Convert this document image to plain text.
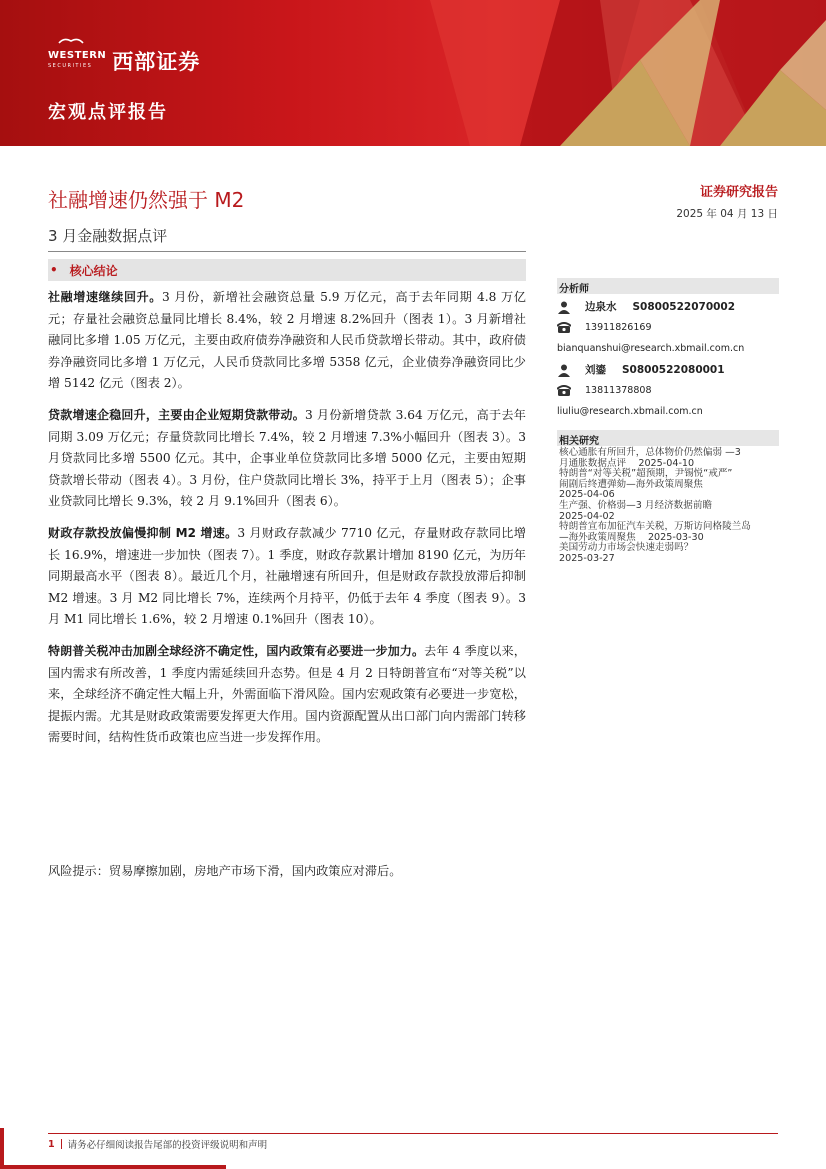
WESTERN
SECURITIES 西部证券
宏观点评报告
社融增速仍然强于 M2
3 月金融数据点评
证券研究报告
2025 年 04 月 13 日
• 核心结论

社融增速继续回升。3 月份，新增社会融资总量 5.9 万亿元，高于去年同期 4.8 万亿元；存量社会融资总量同比增长 8.4%，较 2 月增速 8.2%回升（图表 1）。3 月新增社融同比多增 1.05 万亿元，主要由政府债券净融资和人民币贷款增长带动。其中，政府债券净融资同比多增 1 万亿元，人民币贷款同比多增 5358 亿元，企业债券净融资同比少增 5142 亿元（图表 2）。

贷款增速企稳回升，主要由企业短期贷款带动。3 月份新增贷款 3.64 万亿元，高于去年同期 3.09 万亿元；存量贷款同比增长 7.4%，较 2 月增速 7.3%小幅回升（图表 3）。3 月贷款同比多增 5500 亿元。其中，企事业单位贷款同比多增 5000 亿元，主要由短期贷款增长带动（图表 4）。3 月份，住户贷款同比增长 3%，持平于上月（图表 5）；企事业贷款同比增长 9.3%，较 2 月 9.1%回升（图表 6）。

财政存款投放偏慢抑制 M2 增速。3 月财政存款减少 7710 亿元，存量财政存款同比增长 16.9%，增速进一步加快（图表 7）。1 季度，财政存款累计增加 8190 亿元，为历年同期最高水平（图表 8）。最近几个月，社融增速有所回升，但是财政存款投放滞后抑制 M2 增速。3 月 M2 同比增长 7%，连续两个月持平，仍低于去年 4 季度（图表 9）。3 月 M1 同比增长 1.6%，较 2 月增速 0.1%回升（图表 10）。

特朗普关税冲击加剧全球经济不确定性，国内政策有必要进一步加力。去年 4 季度以来，国内需求有所改善，1 季度内需延续回升态势。但是 4 月 2 日特朗普宣布“对等关税”以来，全球经济不确定性大幅上升，外需面临下滑风险。国内宏观政策有必要进一步宽松，提振内需。尤其是财政政策需要发挥更大作用。国内资源配置从出口部门向内需部门转移需要时间，结构性货币政策也应当进一步发挥作用。

风险提示：贸易摩擦加剧，房地产市场下滑，国内政策应对滞后。
分析师
边泉水 S0800522070002
13911826169
bianquanshui@research.xbmail.com.cn
刘鎏 S0800522080001
13811378808
liuliu@research.xbmail.com.cn
相关研究
核心通胀有所回升，总体物价仍然偏弱 —3
月通胀数据点评    2025-04-10
特朗普“对等关税”超预期，尹锡悦“戒严”
闹剧后终遭弹劾—海外政策周聚焦
2025-04-06
生产强、价格弱—3 月经济数据前瞻
2025-04-02
特朗普宣布加征汽车关税，万斯访问格陵兰岛
—海外政策周聚焦    2025-03-30
美国劳动力市场会快速走弱吗？
2025-03-27
1 请务必仔细阅读报告尾部的投资评级说明和声明
